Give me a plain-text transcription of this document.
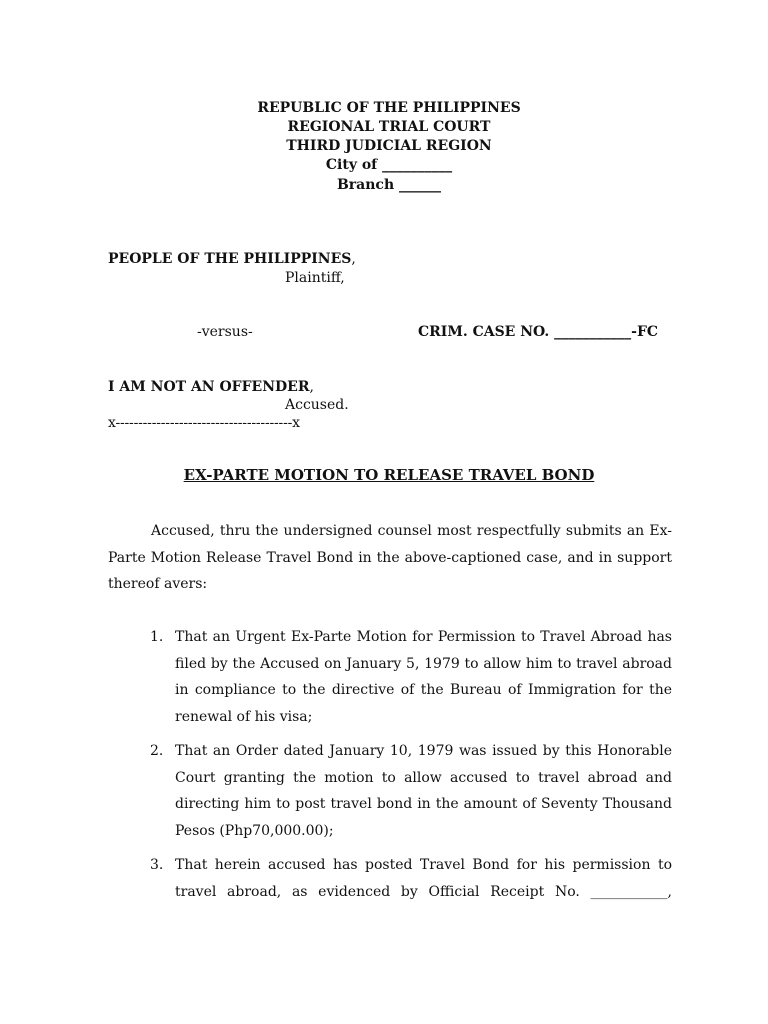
REPUBLIC OF THE PHILIPPINES
REGIONAL TRIAL COURT
THIRD JUDICIAL REGION
City of __________
Branch ______
PEOPLE OF THE PHILIPPINES,
Plaintiff,
-versus-	CRIM. CASE NO. ___________-FC
I AM NOT AN OFFENDER,
Accused.
x---------------------------------------x
EX-PARTE MOTION TO RELEASE TRAVEL BOND
Accused, thru the undersigned counsel most respectfully submits an Ex-Parte Motion Release Travel Bond in the above-captioned case, and in support thereof avers:
1. That an Urgent Ex-Parte Motion for Permission to Travel Abroad has filed by the Accused on January 5, 1979 to allow him to travel abroad in compliance to the directive of the Bureau of Immigration for the renewal of his visa;
2. That an Order dated January 10, 1979 was issued by this Honorable Court granting the motion to allow accused to travel abroad and directing him to post travel bond in the amount of Seventy Thousand Pesos (Php70,000.00);
3. That herein accused has posted Travel Bond for his permission to travel abroad, as evidenced by Official Receipt No. ___________,
